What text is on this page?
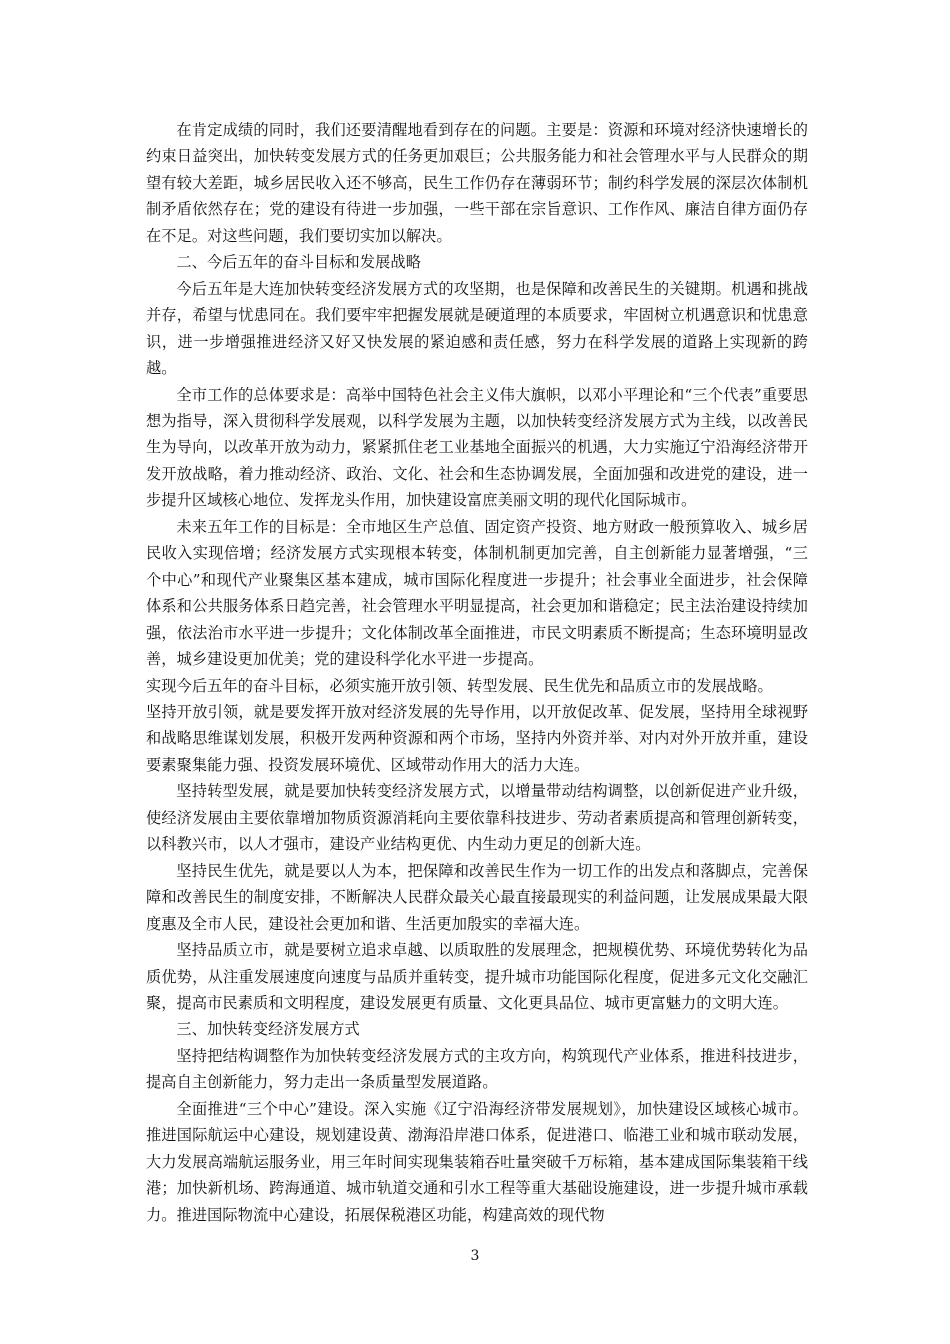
在肯定成绩的同时，我们还要清醒地看到存在的问题。主要是：资源和环境对经济快速增长的约束日益突出，加快转变发展方式的任务更加艰巨；公共服务能力和社会管理水平与人民群众的期望有较大差距，城乡居民收入还不够高，民生工作仍存在薄弱环节；制约科学发展的深层次体制机制矛盾依然存在；党的建设有待进一步加强，一些干部在宗旨意识、工作作风、廉洁自律方面仍存在不足。对这些问题，我们要切实加以解决。

二、今后五年的奋斗目标和发展战略

今后五年是大连加快转变经济发展方式的攻坚期，也是保障和改善民生的关键期。机遇和挑战并存，希望与忧患同在。我们要牢牢把握发展就是硬道理的本质要求，牢固树立机遇意识和忧患意识，进一步增强推进经济又好又快发展的紧迫感和责任感，努力在科学发展的道路上实现新的跨越。

全市工作的总体要求是：高举中国特色社会主义伟大旗帜，以邓小平理论和“三个代表”重要思想为指导，深入贯彻科学发展观，以科学发展为主题，以加快转变经济发展方式为主线，以改善民生为导向，以改革开放为动力，紧紧抓住老工业基地全面振兴的机遇，大力实施辽宁沿海经济带开发开放战略，着力推动经济、政治、文化、社会和生态协调发展，全面加强和改进党的建设，进一步提升区域核心地位、发挥龙头作用，加快建设富庶美丽文明的现代化国际城市。

未来五年工作的目标是：全市地区生产总值、固定资产投资、地方财政一般预算收入、城乡居民收入实现倍增；经济发展方式实现根本转变，体制机制更加完善，自主创新能力显著增强，“三个中心”和现代产业聚集区基本建成，城市国际化程度进一步提升；社会事业全面进步，社会保障体系和公共服务体系日趋完善，社会管理水平明显提高，社会更加和谐稳定；民主法治建设持续加强，依法治市水平进一步提升；文化体制改革全面推进，市民文明素质不断提高；生态环境明显改善，城乡建设更加优美；党的建设科学化水平进一步提高。

实现今后五年的奋斗目标，必须实施开放引领、转型发展、民生优先和品质立市的发展战略。

坚持开放引领，就是要发挥开放对经济发展的先导作用，以开放促改革、促发展，坚持用全球视野和战略思维谋划发展，积极开发两种资源和两个市场，坚持内外资并举、对内对外开放并重，建设要素聚集能力强、投资发展环境优、区域带动作用大的活力大连。

坚持转型发展，就是要加快转变经济发展方式，以增量带动结构调整，以创新促进产业升级，使经济发展由主要依靠增加物质资源消耗向主要依靠科技进步、劳动者素质提高和管理创新转变，以科教兴市，以人才强市，建设产业结构更优、内生动力更足的创新大连。

坚持民生优先，就是要以人为本，把保障和改善民生作为一切工作的出发点和落脚点，完善保障和改善民生的制度安排，不断解决人民群众最关心最直接最现实的利益问题，让发展成果最大限度惠及全市人民，建设社会更加和谐、生活更加殷实的幸福大连。

坚持品质立市，就是要树立追求卓越、以质取胜的发展理念，把规模优势、环境优势转化为品质优势，从注重发展速度向速度与品质并重转变，提升城市功能国际化程度，促进多元文化交融汇聚，提高市民素质和文明程度，建设发展更有质量、文化更具品位、城市更富魅力的文明大连。

三、加快转变经济发展方式

坚持把结构调整作为加快转变经济发展方式的主攻方向，构筑现代产业体系，推进科技进步，提高自主创新能力，努力走出一条质量型发展道路。

全面推进“三个中心”建设。深入实施《辽宁沿海经济带发展规划》，加快建设区域核心城市。推进国际航运中心建设，规划建设黄、渤海沿岸港口体系，促进港口、临港工业和城市联动发展，大力发展高端航运服务业，用三年时间实现集装箱吞吐量突破千万标箱，基本建成国际集装箱干线港；加快新机场、跨海通道、城市轨道交通和引水工程等重大基础设施建设，进一步提升城市承载力。推进国际物流中心建设，拓展保税港区功能，构建高效的现代物

3
